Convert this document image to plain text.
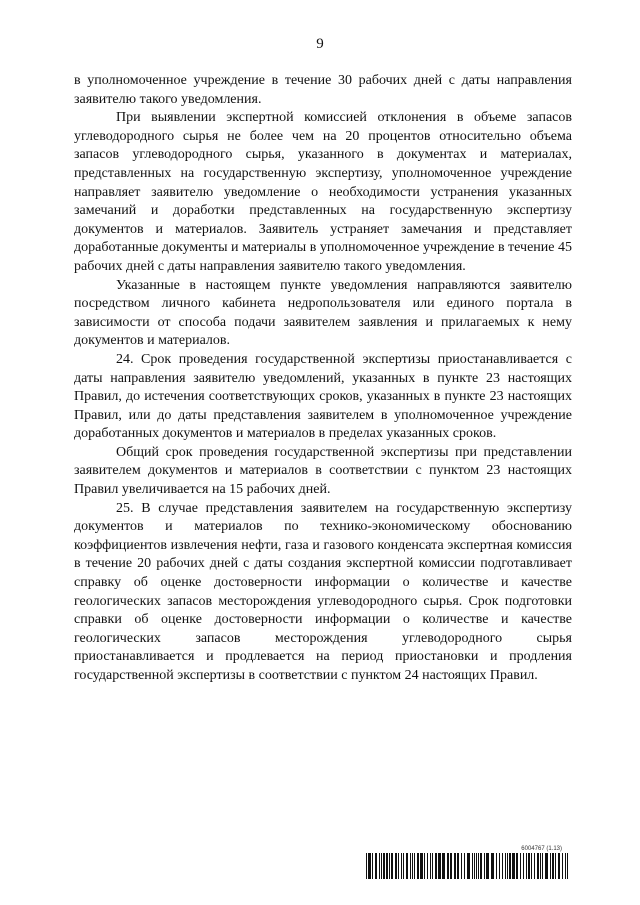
9

в уполномоченное учреждение в течение 30 рабочих дней с даты направления заявителю такого уведомления.

При выявлении экспертной комиссией отклонения в объеме запасов углеводородного сырья не более чем на 20 процентов относительно объема запасов углеводородного сырья, указанного в документах и материалах, представленных на государственную экспертизу, уполномоченное учреждение направляет заявителю уведомление о необходимости устранения указанных замечаний и доработки представленных на государственную экспертизу документов и материалов. Заявитель устраняет замечания и представляет доработанные документы и материалы в уполномоченное учреждение в течение 45 рабочих дней с даты направления заявителю такого уведомления.

Указанные в настоящем пункте уведомления направляются заявителю посредством личного кабинета недропользователя или единого портала в зависимости от способа подачи заявителем заявления и прилагаемых к нему документов и материалов.

24. Срок проведения государственной экспертизы приостанавливается с даты направления заявителю уведомлений, указанных в пункте 23 настоящих Правил, до истечения соответствующих сроков, указанных в пункте 23 настоящих Правил, или до даты представления заявителем в уполномоченное учреждение доработанных документов и материалов в пределах указанных сроков.

Общий срок проведения государственной экспертизы при представлении заявителем документов и материалов в соответствии с пунктом 23 настоящих Правил увеличивается на 15 рабочих дней.

25. В случае представления заявителем на государственную экспертизу документов и материалов по технико-экономическому обоснованию коэффициентов извлечения нефти, газа и газового конденсата экспертная комиссия в течение 20 рабочих дней с даты создания экспертной комиссии подготавливает справку об оценке достоверности информации о количестве и качестве геологических запасов месторождения углеводородного сырья. Срок подготовки справки об оценке достоверности информации о количестве и качестве геологических запасов месторождения углеводородного сырья приостанавливается и продлевается на период приостановки и продления государственной экспертизы в соответствии с пунктом 24 настоящих Правил.

6004767 (1.13)
